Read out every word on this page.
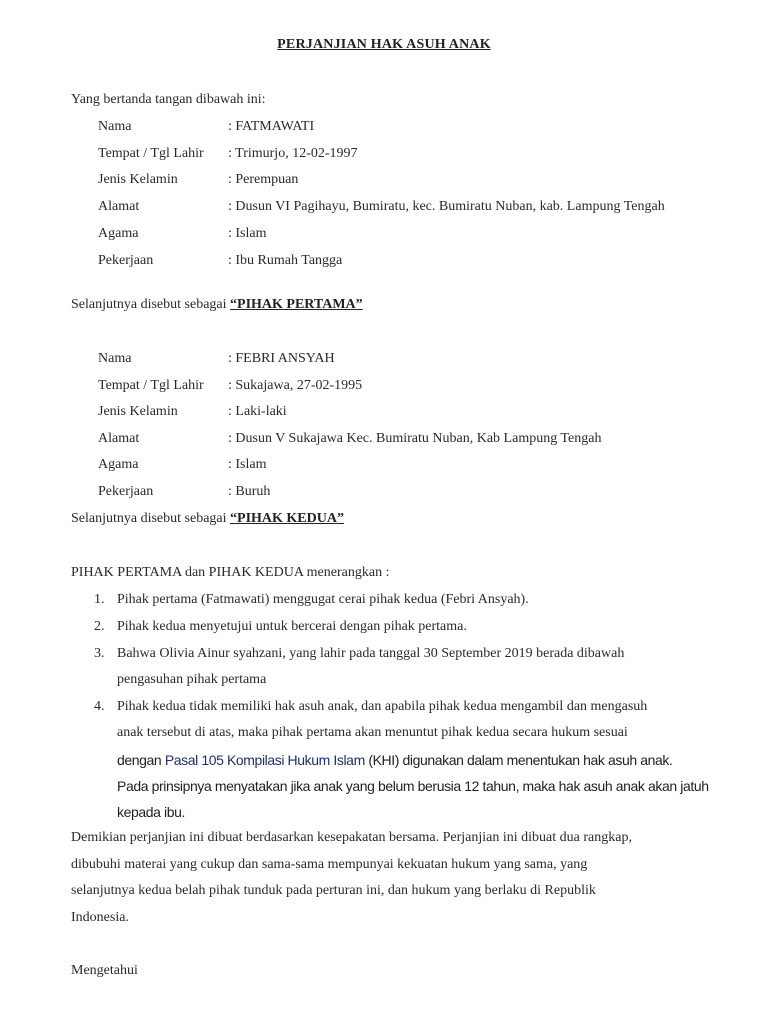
PERJANJIAN HAK ASUH ANAK
Yang bertanda tangan dibawah ini:
Nama	: FATMAWATI
Tempat / Tgl Lahir : Trimurjo, 12-02-1997
Jenis Kelamin	: Perempuan
Alamat	: Dusun VI Pagihayu, Bumiratu, kec. Bumiratu Nuban, kab. Lampung Tengah
Agama	: Islam
Pekerjaan	: Ibu Rumah Tangga
Selanjutnya disebut sebagai “PIHAK PERTAMA”
Nama	: FEBRI ANSYAH
Tempat / Tgl Lahir : Sukajawa, 27-02-1995
Jenis Kelamin	: Laki-laki
Alamat	: Dusun V Sukajawa Kec. Bumiratu Nuban, Kab Lampung Tengah
Agama	: Islam
Pekerjaan	: Buruh
Selanjutnya disebut sebagai “PIHAK KEDUA”
PIHAK PERTAMA dan PIHAK KEDUA menerangkan :
1. Pihak pertama (Fatmawati) menggugat cerai pihak kedua (Febri Ansyah).
2. Pihak kedua menyetujui untuk bercerai dengan pihak pertama.
3. Bahwa Olivia Ainur syahzani, yang lahir pada tanggal 30 September 2019 berada dibawah
pengasuhan pihak pertama
4. Pihak kedua tidak memiliki hak asuh anak, dan apabila pihak kedua mengambil dan mengasuh
anak tersebut di atas, maka pihak pertama akan menuntut pihak kedua secara hukum sesuai
dengan Pasal 105 Kompilasi Hukum Islam (KHI) digunakan dalam menentukan hak asuh anak.
Pada prinsipnya menyatakan jika anak yang belum berusia 12 tahun, maka hak asuh anak akan jatuh
kepada ibu.
Demikian perjanjian ini dibuat berdasarkan kesepakatan bersama. Perjanjian ini dibuat dua rangkap,
dibubuhi materai yang cukup dan sama-sama mempunyai kekuatan hukum yang sama, yang
selanjutnya kedua belah pihak tunduk pada perturan ini, dan hukum yang berlaku di Republik
Indonesia.
Mengetahui
